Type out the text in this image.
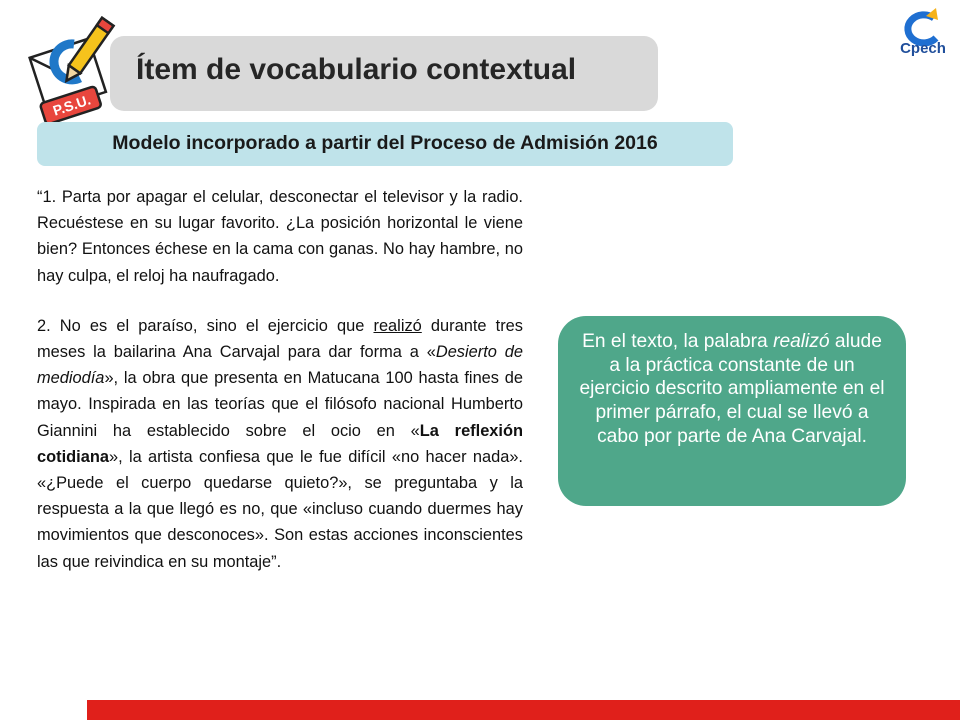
P.S.U.
Cpech
Ítem de vocabulario contextual
Modelo incorporado a partir del Proceso de Admisión 2016

“1. Parta por apagar el celular, desconectar el televisor y la radio. Recuéstese en su lugar favorito. ¿La posición horizontal le viene bien? Entonces échese en la cama con ganas. No hay hambre, no hay culpa, el reloj ha naufragado.

2. No es el paraíso, sino el ejercicio que realizó durante tres meses la bailarina Ana Carvajal para dar forma a «Desierto de mediodía», la obra que presenta en Matucana 100 hasta fines de mayo. Inspirada en las teorías que el filósofo nacional Humberto Giannini ha establecido sobre el ocio en «La reflexión cotidiana», la artista confiesa que le fue difícil «no hacer nada». «¿Puede el cuerpo quedarse quieto?», se preguntaba y la respuesta a la que llegó es no, que «incluso cuando duermes hay movimientos que desconoces». Son estas acciones inconscientes las que reivindica en su montaje”.

En el texto, la palabra realizó alude a la práctica constante de un ejercicio descrito ampliamente en el primer párrafo, el cual se llevó a cabo por parte de Ana Carvajal.
